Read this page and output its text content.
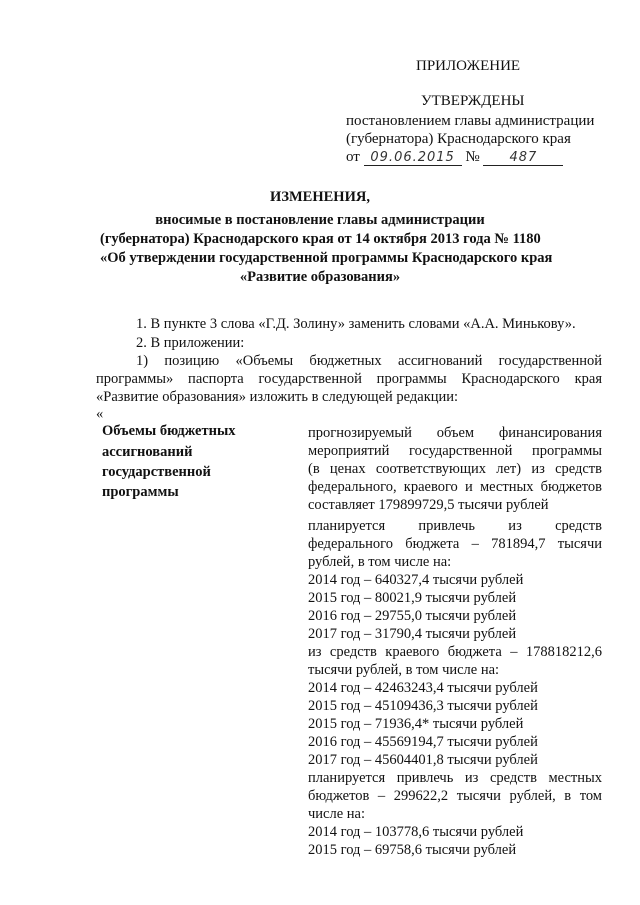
ПРИЛОЖЕНИЕ
УТВЕРЖДЕНЫ
постановлением главы администрации
(губернатора) Краснодарского края
от 09.06.2015 № 487
ИЗМЕНЕНИЯ,
вносимые в постановление главы администрации
(губернатора) Краснодарского края от 14 октября 2013 года № 1180
«Об утверждении государственной программы Краснодарского края
«Развитие образования»
1. В пункте 3 слова «Г.Д. Золину» заменить словами «А.А. Минькову».
2. В приложении:
1) позицию «Объемы бюджетных ассигнований государственной
программы» паспорта государственной программы Краснодарского края
«Развитие образования» изложить в следующей редакции:
«
Объемы бюджетных
ассигнований
государственной
программы
прогнозируемый объем финансирования
мероприятий государственной программы
(в ценах соответствующих лет) из средств
федерального, краевого и местных бюджетов
составляет 179899729,5 тысячи рублей
планируется привлечь из средств
федерального бюджета – 781894,7 тысячи
рублей, в том числе на:
2014 год – 640327,4 тысячи рублей
2015 год – 80021,9 тысячи рублей
2016 год – 29755,0 тысячи рублей
2017 год – 31790,4 тысячи рублей
из средств краевого бюджета – 178818212,6
тысячи рублей, в том числе на:
2014 год – 42463243,4 тысячи рублей
2015 год – 45109436,3 тысячи рублей
2015 год – 71936,4* тысячи рублей
2016 год – 45569194,7 тысячи рублей
2017 год – 45604401,8 тысячи рублей
планируется привлечь из средств местных
бюджетов – 299622,2 тысячи рублей, в том
числе на:
2014 год – 103778,6 тысячи рублей
2015 год – 69758,6 тысячи рублей
